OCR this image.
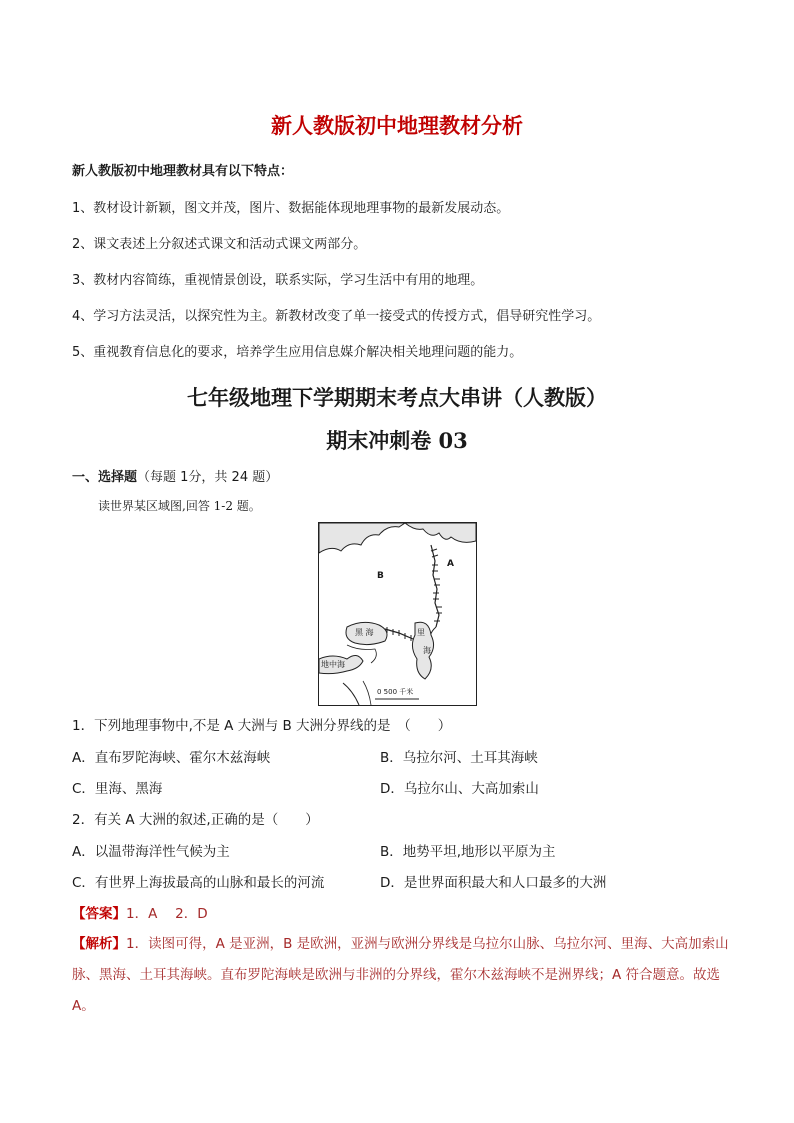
新人教版初中地理教材分析
新人教版初中地理教材具有以下特点：
1、教材设计新颖，图文并茂，图片、数据能体现地理事物的最新发展动态。
2、课文表述上分叙述式课文和活动式课文两部分。
3、教材内容简练，重视情景创设，联系实际，学习生活中有用的地理。
4、学习方法灵活，以探究性为主。新教材改变了单一接受式的传授方式，倡导研究性学习。
5、重视教育信息化的要求，培养学生应用信息媒介解决相关地理问题的能力。
七年级地理下学期期末考点大串讲（人教版）
期末冲刺卷 03
一、选择题（每题 1分，共 24 题）
读世界某区域图,回答 1-2 题。
A
B
黑 海	里
海
地中海
0 500 千米
1．下列地理事物中,不是 A 大洲与 B 大洲分界线的是　（　　）
A．直布罗陀海峡、霍尔木兹海峡	B．乌拉尔河、土耳其海峡
C．里海、黑海	D．乌拉尔山、大高加索山
2．有关 A 大洲的叙述,正确的是（　　）
A．以温带海洋性气候为主	B．地势平坦,地形以平原为主
C．有世界上海拔最高的山脉和最长的河流	D．是世界面积最大和人口最多的大洲
【答案】1．A　 2．D
【解析】1．读图可得，A 是亚洲，B 是欧洲，亚洲与欧洲分界线是乌拉尔山脉、乌拉尔河、里海、大高加索山脉、黑海、土耳其海峡。直布罗陀海峡是欧洲与非洲的分界线，霍尔木兹海峡不是洲界线；A 符合题意。故选 A。
